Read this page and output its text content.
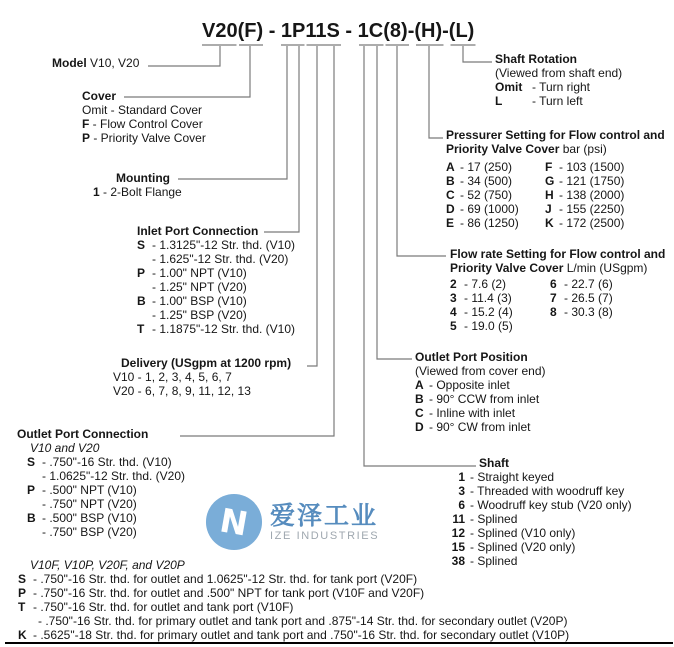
V20(F) - 1P11S - 1C(8)-(H)-(L)
Model V10, V20
Cover
Omit - Standard Cover
F - Flow Control Cover
P - Priority Valve Cover
Mounting
1 - 2-Bolt Flange
Inlet Port Connection
S - 1.3125"-12 Str. thd. (V10)
- 1.625"-12 Str. thd. (V20)
P - 1.00" NPT (V10)
- 1.25" NPT (V20)
B - 1.00" BSP (V10)
- 1.25" BSP (V20)
T - 1.1875"-12 Str. thd. (V10)
Delivery (USgpm at 1200 rpm)
V10 - 1, 2, 3, 4, 5, 6, 7
V20 - 6, 7, 8, 9, 11, 12, 13
Outlet Port Connection
V10 and V20
S - .750"-16 Str. thd. (V10)
- 1.0625"-12 Str. thd. (V20)
P - .500" NPT (V10)
- .750" NPT (V20)
B - .500" BSP (V10)
- .750" BSP (V20)
V10F, V10P, V20F, and V20P
S - .750"-16 Str. thd. for outlet and 1.0625"-12 Str. thd. for tank port (V20F)
P - .750"-16 Str. thd. for outlet and .500" NPT for tank port (V10F and V20F)
T - .750"-16 Str. thd. for outlet and tank port (V10F)
- .750"-16 Str. thd. for primary outlet and tank port and .875"-14 Str. thd. for secondary outlet (V20P)
K - .5625"-18 Str. thd. for primary outlet and tank port and .750"-16 Str. thd. for secondary outlet (V10P)
Shaft Rotation
(Viewed from shaft end)
Omit - Turn right
L - Turn left
Pressurer Setting for Flow control and
Priority Valve Cover bar (psi)
A - 17 (250)	F - 103 (1500)
B - 34 (500)	G - 121 (1750)
C - 52 (750)	H - 138 (2000)
D - 69 (1000) J - 155 (2250)
E - 86 (1250) K - 172 (2500)
Flow rate Setting for Flow control and
Priority Valve Cover L/min (USgpm)
2 - 7.6 (2)	6 - 22.7 (6)
3 - 11.4 (3)	7 - 26.5 (7)
4 - 15.2 (4)	8 - 30.3 (8)
5 - 19.0 (5)
Outlet Port Position
(Viewed from cover end)
A - Opposite inlet
B - 90° CCW from inlet
C - Inline with inlet
D - 90° CW from inlet
Shaft
1 - Straight keyed
3 - Threaded with woodruff key
6 - Woodruff key stub (V20 only)
11 - Splined
12 - Splined (V10 only)
15 - Splined (V20 only)
38 - Splined
N 爱泽工业
IZE INDUSTRIES
